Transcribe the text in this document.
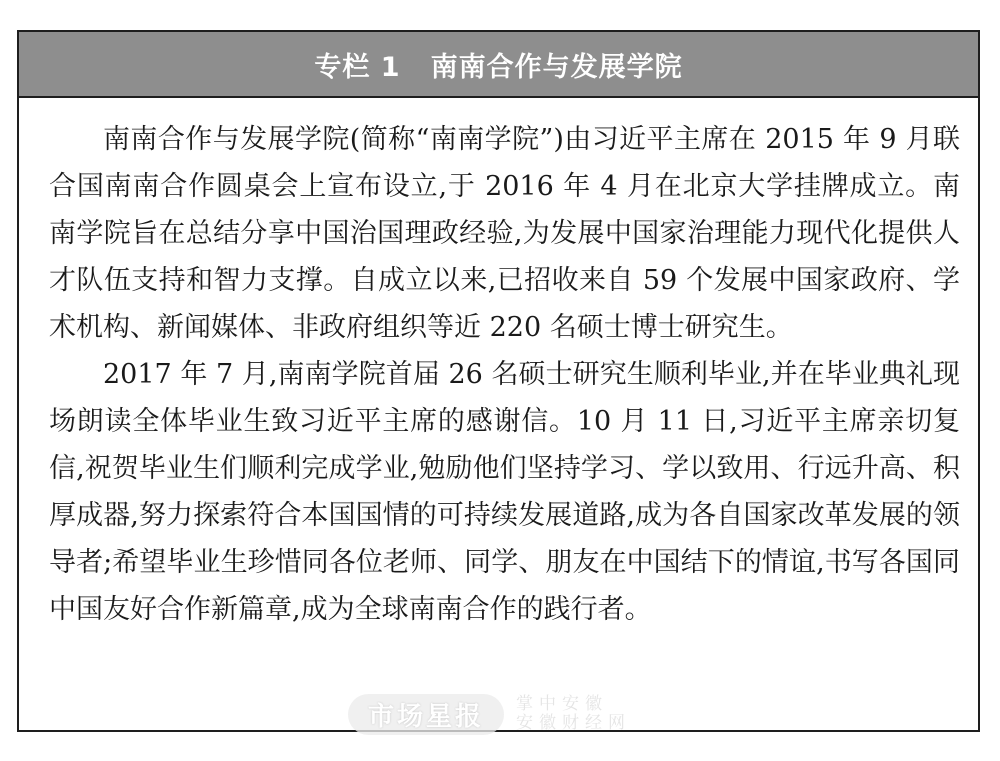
专栏 1 南南合作与发展学院

南南合作与发展学院(简称“南南学院”)由习近平主席在 2015 年 9 月联合国南南合作圆桌会上宣布设立,于 2016 年 4 月在北京大学挂牌成立。南南学院旨在总结分享中国治国理政经验,为发展中国家治理能力现代化提供人才队伍支持和智力支撑。自成立以来,已招收来自 59 个发展中国家政府、学术机构、新闻媒体、非政府组织等近 220 名硕士博士研究生。

2017 年 7 月,南南学院首届 26 名硕士研究生顺利毕业,并在毕业典礼现场朗读全体毕业生致习近平主席的感谢信。10 月 11 日,习近平主席亲切复信,祝贺毕业生们顺利完成学业,勉励他们坚持学习、学以致用、行远升高、积厚成器,努力探索符合本国国情的可持续发展道路,成为各自国家改革发展的领导者;希望毕业生珍惜同各位老师、同学、朋友在中国结下的情谊,书写各国同中国友好合作新篇章,成为全球南南合作的践行者。

市场星报	掌中安徽
安徽财经网
